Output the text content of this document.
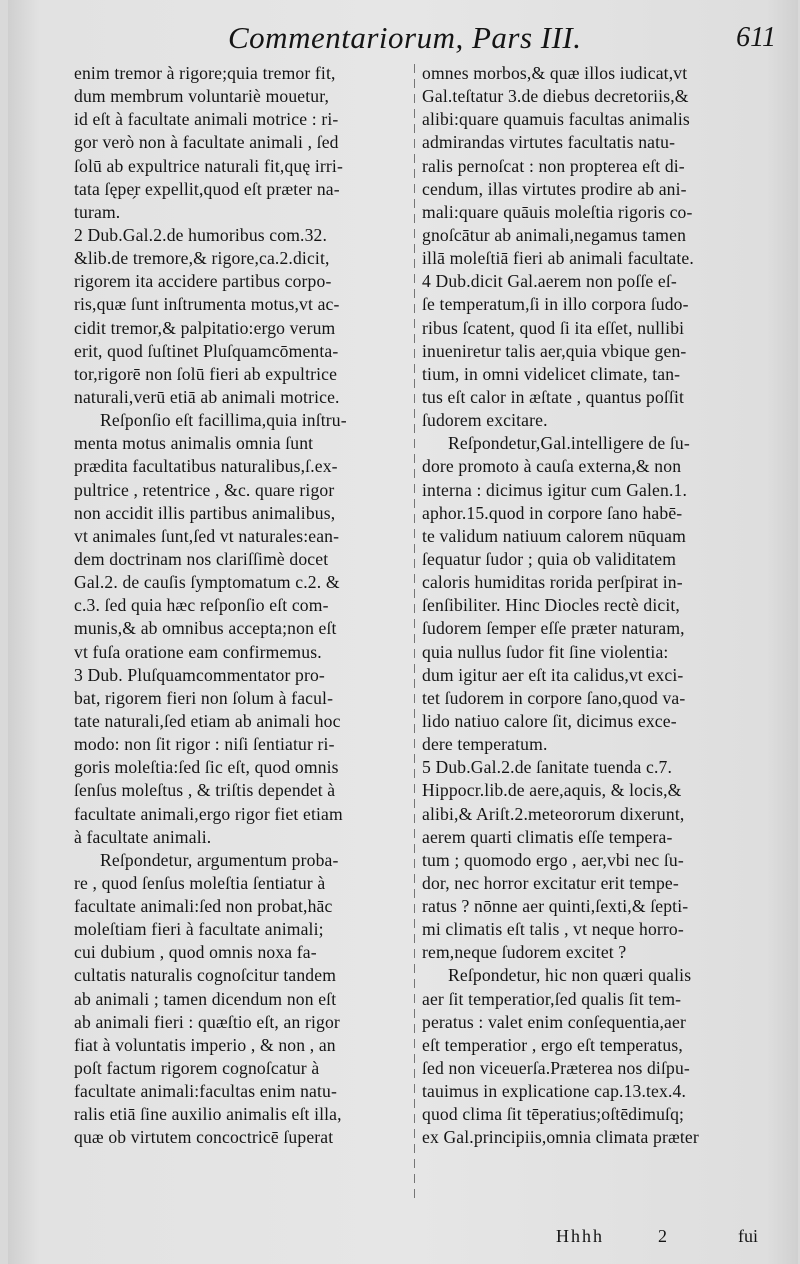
Commentariorum, Pars III.	611
enim tremor à rigore;quia tremor fit,
dum membrum voluntariè mouetur,
id eſt à facultate animali motrice : ri-
gor verò non à facultate animali , ſed
ſolū ab expultrice naturali fit,quę irri-
tata ſępe̗r expellit,quod eſt præter na-
turam.
2 Dub.Gal.2.de humoribus com.32.
&lib.de tremore,& rigore,ca.2.dicit,
rigorem ita accidere partibus corpo-
ris,quæ ſunt inſtrumenta motus,vt ac-
cidit tremor,& palpitatio:ergo verum
erit, quod ſuſtinet Pluſquamcōmenta-
tor,rigorē non ſolū fieri ab expultrice
naturali,verū etiā ab animali motrice.
Reſponſio eſt facillima,quia inſtru-
menta motus animalis omnia ſunt
prædita facultatibus naturalibus,ſ.ex-
pultrice , retentrice , &c. quare rigor
non accidit illis partibus animalibus,
vt animales ſunt,ſed vt naturales:ean-
dem doctrinam nos clariſſimè docet
Gal.2. de cauſis ſymptomatum c.2. &
c.3. ſed quia hæc reſponſio eſt com-
munis,& ab omnibus accepta;non eſt
vt fuſa oratione eam confirmemus.
3 Dub. Pluſquamcommentator pro-
bat, rigorem fieri non ſolum à facul-
tate naturali,ſed etiam ab animali hoc
modo: non ſit rigor : niſi ſentiatur ri-
goris moleſtia:ſed ſic eſt, quod omnis
ſenſus moleſtus , & triſtis dependet à
facultate animali,ergo rigor fiet etiam
à facultate animali.
Reſpondetur, argumentum proba-
re , quod ſenſus moleſtia ſentiatur à
facultate animali:ſed non probat,hāc
moleſtiam fieri à facultate animali;
cui dubium , quod omnis noxa fa-
cultatis naturalis cognoſcitur tandem
ab animali ; tamen dicendum non eſt
ab animali fieri : quæſtio eſt, an rigor
fiat à voluntatis imperio , & non , an
poſt factum rigorem cognoſcatur à
facultate animali:facultas enim natu-
ralis etiā ſine auxilio animalis eſt illa,
quæ ob virtutem concoctricē ſuperat
omnes morbos,& quæ illos iudicat,vt
Gal.teſtatur 3.de diebus decretoriis,&
alibi:quare quamuis facultas animalis
admirandas virtutes facultatis natu-
ralis pernoſcat : non propterea eſt di-
cendum, illas virtutes prodire ab ani-
mali:quare quāuis moleſtia rigoris co-
gnoſcātur ab animali,negamus tamen
illā moleſtiā fieri ab animali facultate.
4 Dub.dicit Gal.aerem non poſſe eſ-
ſe temperatum,ſi in illo corpora ſudo-
ribus ſcatent, quod ſi ita eſſet, nullibi
inueniretur talis aer,quia vbique gen-
tium, in omni videlicet climate, tan-
tus eſt calor in æſtate , quantus poſſit
ſudorem excitare.
Reſpondetur,Gal.intelligere de ſu-
dore promoto à cauſa externa,& non
interna : dicimus igitur cum Galen.1.
aphor.15.quod in corpore ſano habē-
te validum natiuum calorem nūquam
ſequatur ſudor ; quia ob validitatem
caloris humiditas rorida perſpirat in-
ſenſibiliter. Hinc Diocles rectè dicit,
ſudorem ſemper eſſe præter naturam,
quia nullus ſudor fit ſine violentia:
dum igitur aer eſt ita calidus,vt exci-
tet ſudorem in corpore ſano,quod va-
lido natiuo calore ſit, dicimus exce-
dere temperatum.
5 Dub.Gal.2.de ſanitate tuenda c.7.
Hippocr.lib.de aere,aquis, & locis,&
alibi,& Ariſt.2.meteororum dixerunt,
aerem quarti climatis eſſe tempera-
tum ; quomodo ergo , aer,vbi nec ſu-
dor, nec horror excitatur erit tempe-
ratus ? nōnne aer quinti,ſexti,& ſepti-
mi climatis eſt talis , vt neque horro-
rem,neque ſudorem excitet ?
Reſpondetur, hic non quæri qualis
aer ſit temperatior,ſed qualis ſit tem-
peratus : valet enim conſequentia,aer
eſt temperatior , ergo eſt temperatus,
ſed non viceuerſa.Præterea nos diſpu-
tauimus in explicatione cap.13.tex.4.
quod clima ſit tēperatius;oſtēdimuſq;
ex Gal.principiis,omnia climata præter
Hhhh	2	fui
